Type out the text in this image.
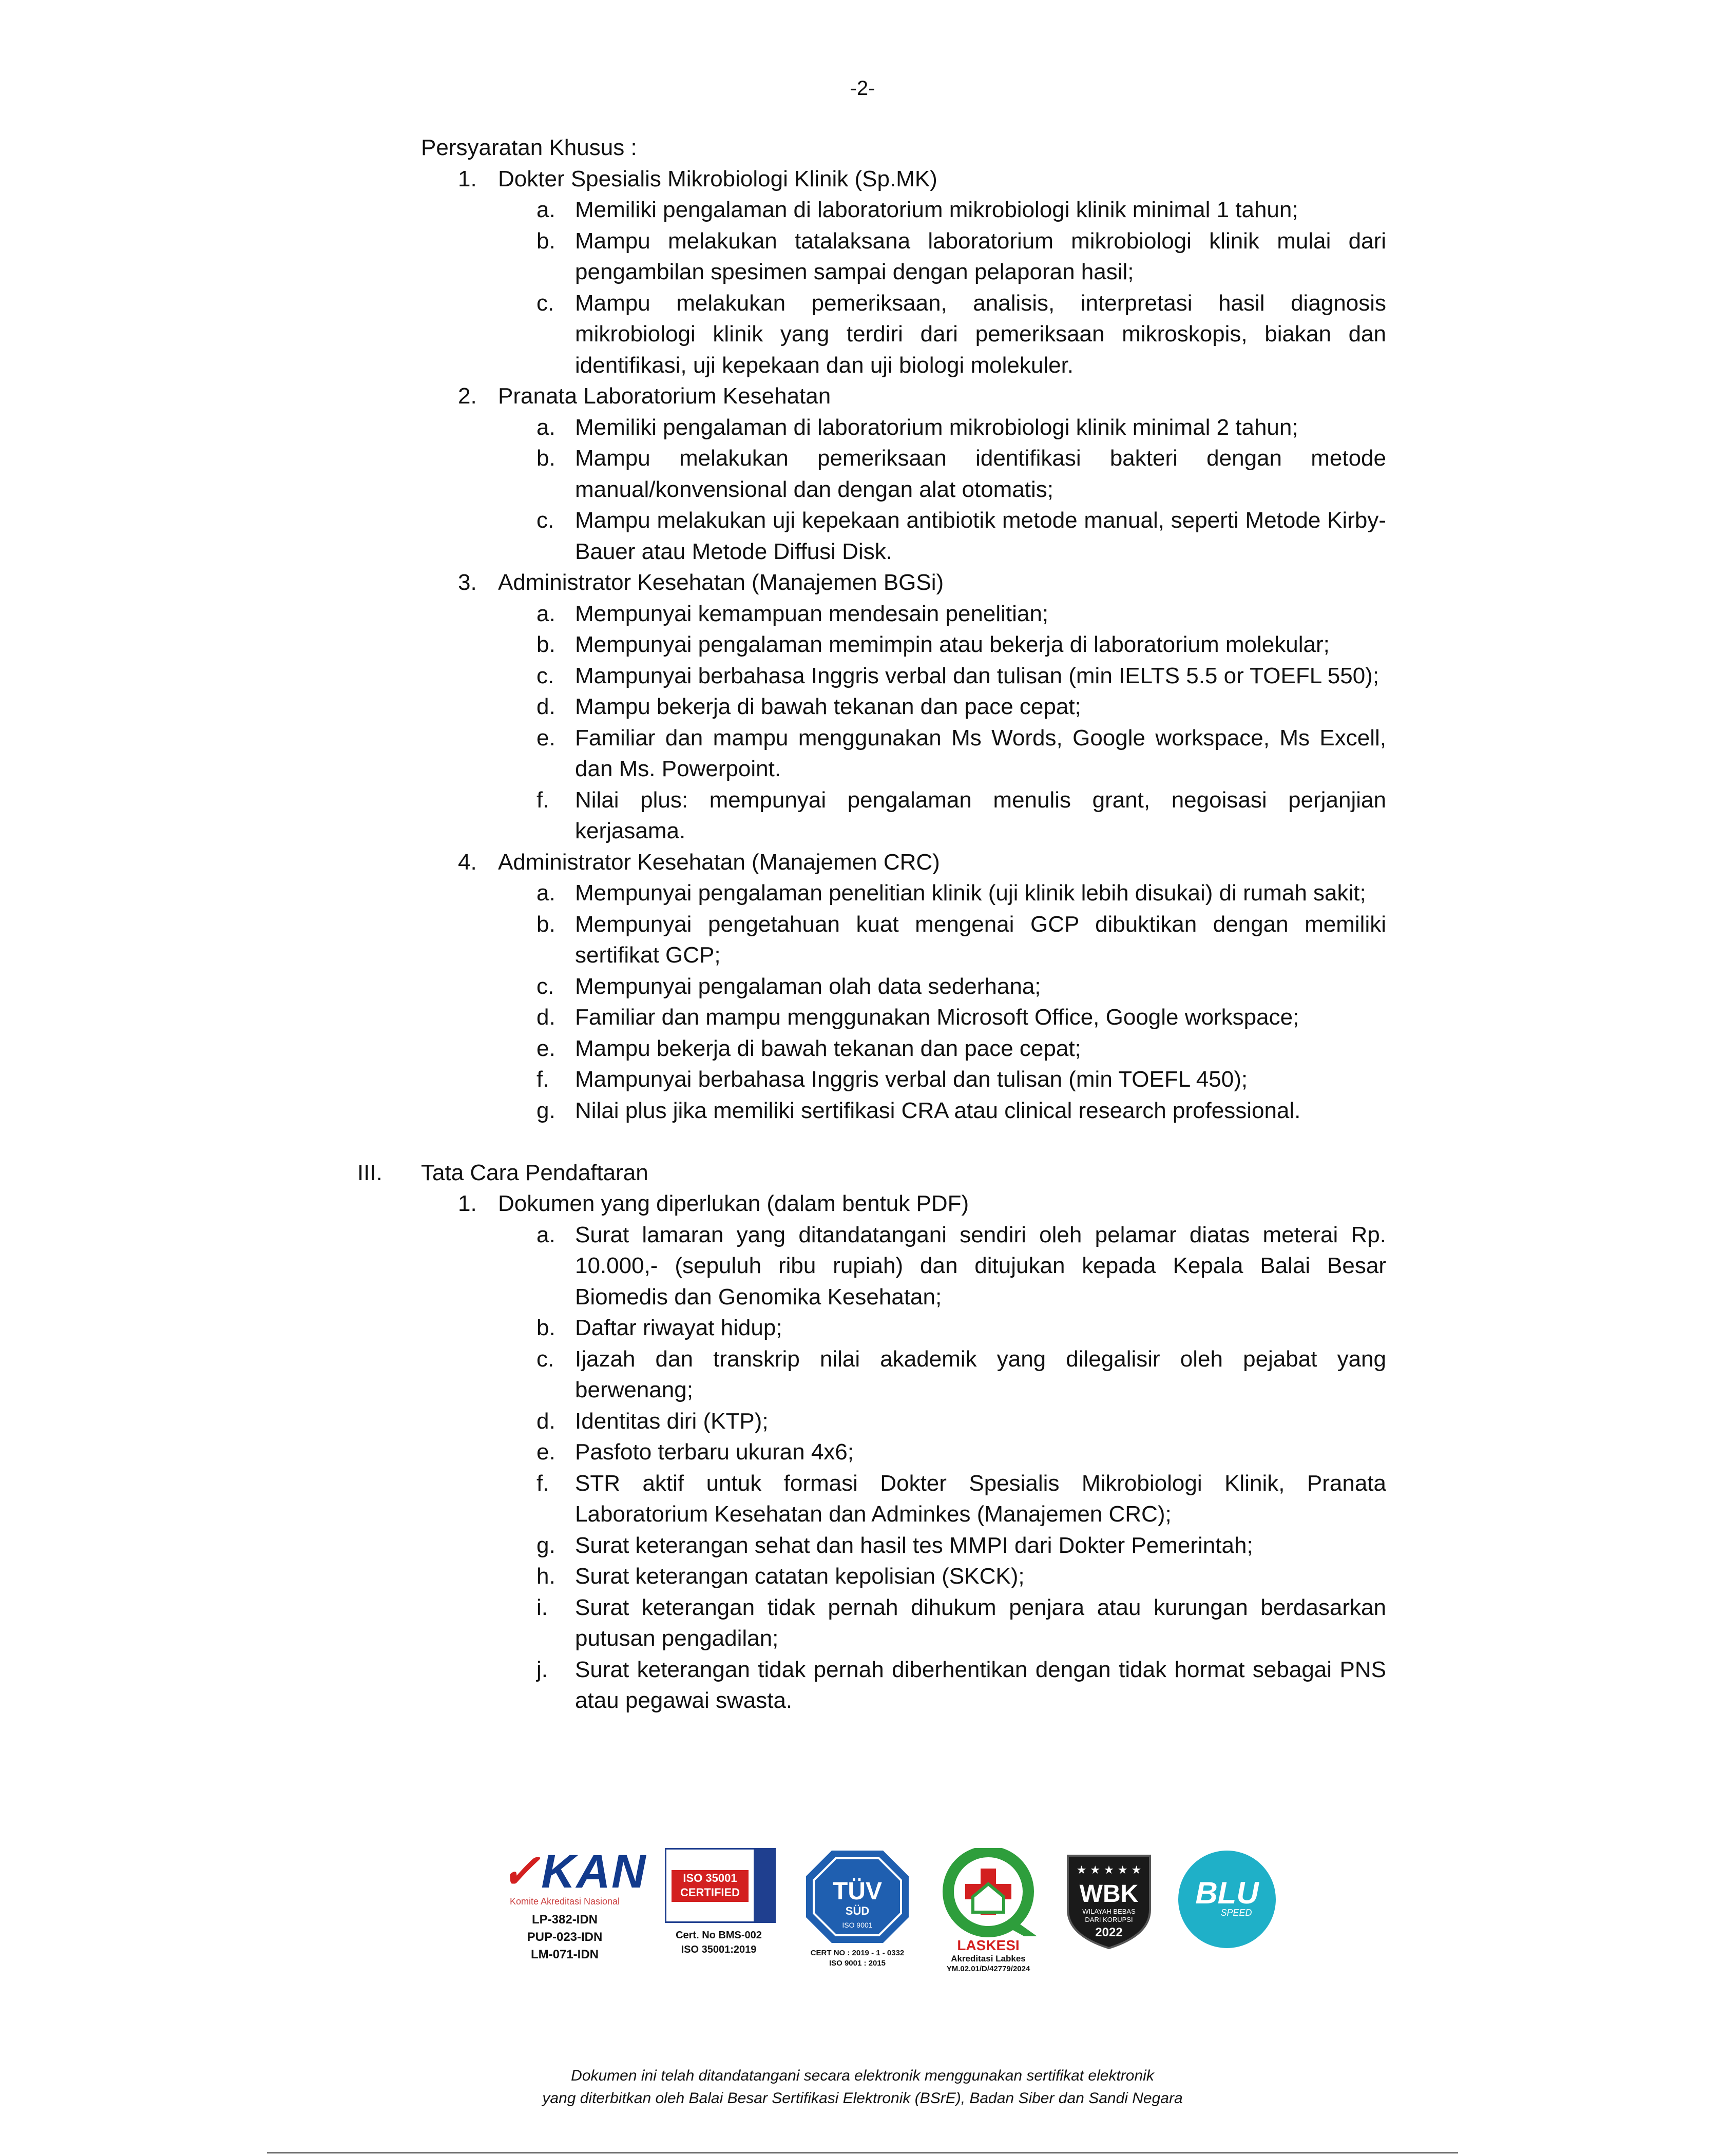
-2-
Persyaratan Khusus :
1. Dokter Spesialis Mikrobiologi Klinik (Sp.MK)
a. Memiliki pengalaman di laboratorium mikrobiologi klinik minimal 1 tahun;
b. Mampu melakukan tatalaksana laboratorium mikrobiologi klinik mulai dari pengambilan spesimen sampai dengan pelaporan hasil;
c. Mampu melakukan pemeriksaan, analisis, interpretasi hasil diagnosis mikrobiologi klinik yang terdiri dari pemeriksaan mikroskopis, biakan dan identifikasi, uji kepekaan dan uji biologi molekuler.
2. Pranata Laboratorium Kesehatan
a. Memiliki pengalaman di laboratorium mikrobiologi klinik minimal 2 tahun;
b. Mampu melakukan pemeriksaan identifikasi bakteri dengan metode manual/konvensional dan dengan alat otomatis;
c. Mampu melakukan uji kepekaan antibiotik metode manual, seperti Metode Kirby-Bauer atau Metode Diffusi Disk.
3. Administrator Kesehatan (Manajemen BGSi)
a. Mempunyai kemampuan mendesain penelitian;
b. Mempunyai pengalaman memimpin atau bekerja di laboratorium molekular;
c. Mampunyai berbahasa Inggris verbal dan tulisan (min IELTS 5.5 or TOEFL 550);
d. Mampu bekerja di bawah tekanan dan pace cepat;
e. Familiar dan mampu menggunakan Ms Words, Google workspace, Ms Excell, dan Ms. Powerpoint.
f. Nilai plus: mempunyai pengalaman menulis grant, negoisasi perjanjian kerjasama.
4. Administrator Kesehatan (Manajemen CRC)
a. Mempunyai pengalaman penelitian klinik (uji klinik lebih disukai) di rumah sakit;
b. Mempunyai pengetahuan kuat mengenai GCP dibuktikan dengan memiliki sertifikat GCP;
c. Mempunyai pengalaman olah data sederhana;
d. Familiar dan mampu menggunakan Microsoft Office, Google workspace;
e. Mampu bekerja di bawah tekanan dan pace cepat;
f. Mampunyai berbahasa Inggris verbal dan tulisan (min TOEFL 450);
g. Nilai plus jika memiliki sertifikasi CRA atau clinical research professional.
III. Tata Cara Pendaftaran
1. Dokumen yang diperlukan (dalam bentuk PDF)
a. Surat lamaran yang ditandatangani sendiri oleh pelamar diatas meterai Rp. 10.000,- (sepuluh ribu rupiah) dan ditujukan kepada Kepala Balai Besar Biomedis dan Genomika Kesehatan;
b. Daftar riwayat hidup;
c. Ijazah dan transkrip nilai akademik yang dilegalisir oleh pejabat yang berwenang;
d. Identitas diri (KTP);
e. Pasfoto terbaru ukuran 4x6;
f. STR aktif untuk formasi Dokter Spesialis Mikrobiologi Klinik, Pranata Laboratorium Kesehatan dan Adminkes (Manajemen CRC);
g. Surat keterangan sehat dan hasil tes MMPI dari Dokter Pemerintah;
h. Surat keterangan catatan kepolisian (SKCK);
i. Surat keterangan tidak pernah dihukum penjara atau kurungan berdasarkan putusan pengadilan;
j. Surat keterangan tidak pernah diberhentikan dengan tidak hormat sebagai PNS atau pegawai swasta.
✓KAN
Komite Akreditasi Nasional
LP-382-IDN
PUP-023-IDN
LM-071-IDN
ISO 35001
CERTIFIED
Cert. No BMS-002
ISO 35001:2019
TÜV
SÜD
ISO 9001
CERT NO : 2019 - 1 - 0332
ISO 9001 : 2015
LASKESI
Akreditasi Labkes
YM.02.01/D/42779/2024
★ ★ ★ ★ ★
WBK
WILAYAH BEBAS
DARI KORUPSI
2022
BLU
SPEED
Dokumen ini telah ditandatangani secara elektronik menggunakan sertifikat elektronik
yang diterbitkan oleh Balai Besar Sertifikasi Elektronik (BSrE), Badan Siber dan Sandi Negara
